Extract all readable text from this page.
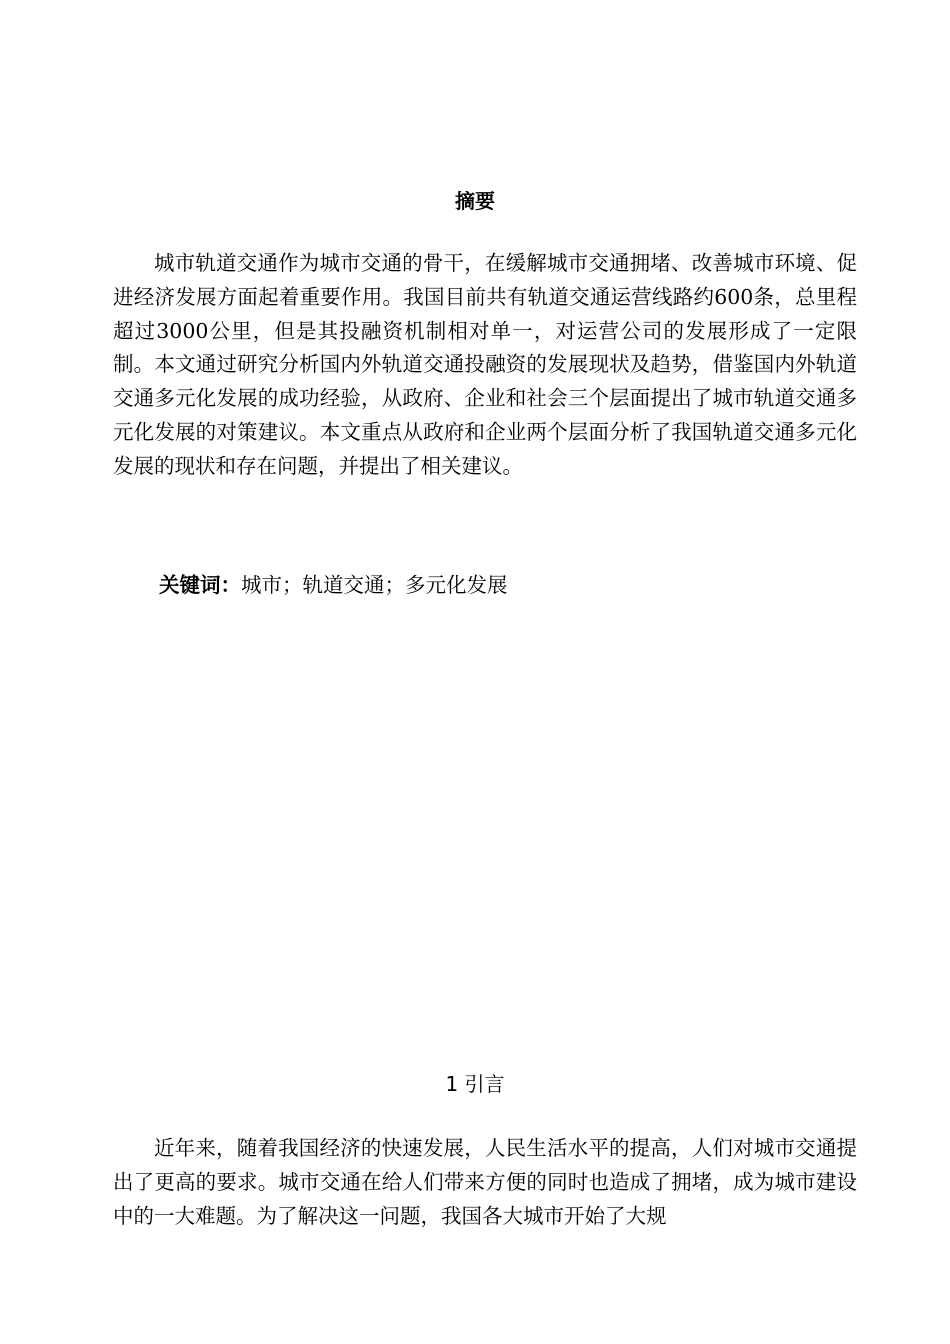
摘要

城市轨道交通作为城市交通的骨干，在缓解城市交通拥堵、改善城市环境、促进经济发展方面起着重要作用。我国目前共有轨道交通运营线路约600条，总里程超过3000公里，但是其投融资机制相对单一，对运营公司的发展形成了一定限制。本文通过研究分析国内外轨道交通投融资的发展现状及趋势，借鉴国内外轨道交通多元化发展的成功经验，从政府、企业和社会三个层面提出了城市轨道交通多元化发展的对策建议。本文重点从政府和企业两个层面分析了我国轨道交通多元化发展的现状和存在问题，并提出了相关建议。

关键词：城市；轨道交通；多元化发展

1 引言

近年来，随着我国经济的快速发展，人民生活水平的提高，人们对城市交通提出了更高的要求。城市交通在给人们带来方便的同时也造成了拥堵，成为城市建设中的一大难题。为了解决这一问题，我国各大城市开始了大规
